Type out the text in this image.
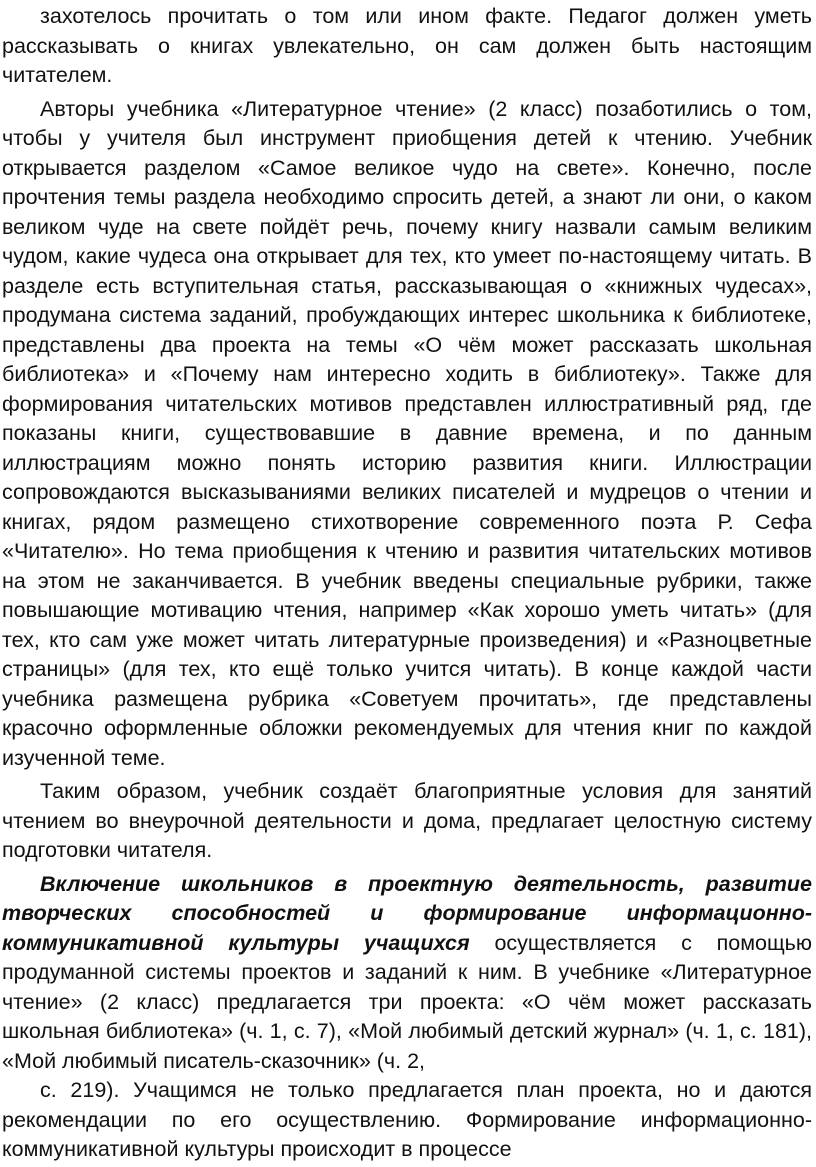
захотелось прочитать о том или ином факте. Педагог должен уметь рассказывать о книгах увлекательно, он сам должен быть настоящим читателем.

Авторы учебника «Литературное чтение» (2 класс) позаботились о том, чтобы у учителя был инструмент приобщения детей к чтению. Учебник открывается разделом «Самое великое чудо на свете». Конечно, после прочтения темы раздела необходимо спросить детей, а знают ли они, о каком великом чуде на свете пойдёт речь, почему книгу назвали самым великим чудом, какие чудеса она открывает для тех, кто умеет по-настоящему читать. В разделе есть вступительная статья, рассказывающая о «книжных чудесах», продумана система заданий, пробуждающих интерес школьника к библиотеке, представлены два проекта на темы «О чём может рассказать школьная библиотека» и «Почему нам интересно ходить в библиотеку». Также для формирования читательских мотивов представлен иллюстративный ряд, где показаны книги, существовавшие в давние времена, и по данным иллюстрациям можно понять историю развития книги. Иллюстрации сопровождаются высказываниями великих писателей и мудрецов о чтении и книгах, рядом размещено стихотворение современного поэта Р. Сефа «Читателю». Но тема приобщения к чтению и развития читательских мотивов на этом не заканчивается. В учебник введены специальные рубрики, также повышающие мотивацию чтения, например «Как хорошо уметь читать» (для тех, кто сам уже может читать литературные произведения) и «Разноцветные страницы» (для тех, кто ещё только учится читать). В конце каждой части учебника размещена рубрика «Советуем прочитать», где представлены красочно оформленные обложки рекомендуемых для чтения книг по каждой изученной теме.

Таким образом, учебник создаёт благоприятные условия для занятий чтением во внеурочной деятельности и дома, предлагает целостную систему подготовки читателя.

Включение школьников в проектную деятельность, развитие творческих способностей и формирование информационно-коммуникативной культуры учащихся осуществляется с помощью продуманной системы проектов и заданий к ним. В учебнике «Литературное чтение» (2 класс) предлагается три проекта: «О чём может рассказать школьная библиотека» (ч. 1, с. 7), «Мой любимый детский журнал» (ч. 1, с. 181), «Мой любимый писатель-сказочник» (ч. 2,

с. 219). Учащимся не только предлагается план проекта, но и даются рекомендации по его осуществлению. Формирование информационно-коммуникативной культуры происходит в процессе
